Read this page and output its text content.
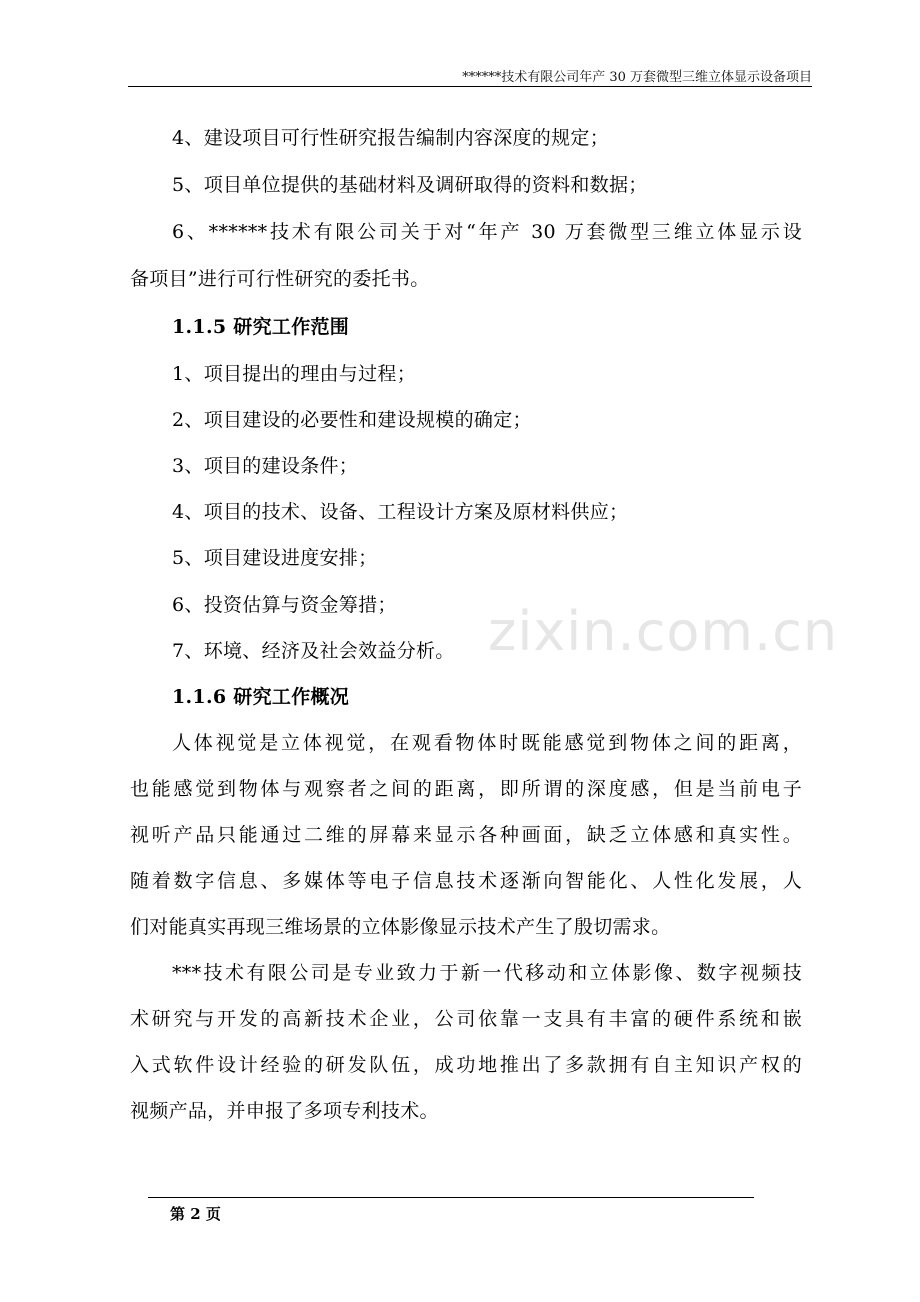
******技术有限公司年产 30 万套微型三维立体显示设备项目
zixin.com.cn
4、建设项目可行性研究报告编制内容深度的规定；
5、项目单位提供的基础材料及调研取得的资料和数据；
6、******技术有限公司关于对“年产 30 万套微型三维立体显示设
备项目”进行可行性研究的委托书。
1.1.5 研究工作范围
1、项目提出的理由与过程；
2、项目建设的必要性和建设规模的确定；
3、项目的建设条件；
4、项目的技术、设备、工程设计方案及原材料供应；
5、项目建设进度安排；
6、投资估算与资金筹措；
7、环境、经济及社会效益分析。
1.1.6 研究工作概况
人体视觉是立体视觉，在观看物体时既能感觉到物体之间的距离，
也能感觉到物体与观察者之间的距离，即所谓的深度感，但是当前电子
视听产品只能通过二维的屏幕来显示各种画面，缺乏立体感和真实性。
随着数字信息、多媒体等电子信息技术逐渐向智能化、人性化发展，人
们对能真实再现三维场景的立体影像显示技术产生了殷切需求。
***技术有限公司是专业致力于新一代移动和立体影像、数字视频技
术研究与开发的高新技术企业，公司依靠一支具有丰富的硬件系统和嵌
入式软件设计经验的研发队伍，成功地推出了多款拥有自主知识产权的
视频产品，并申报了多项专利技术。
第 2 页
